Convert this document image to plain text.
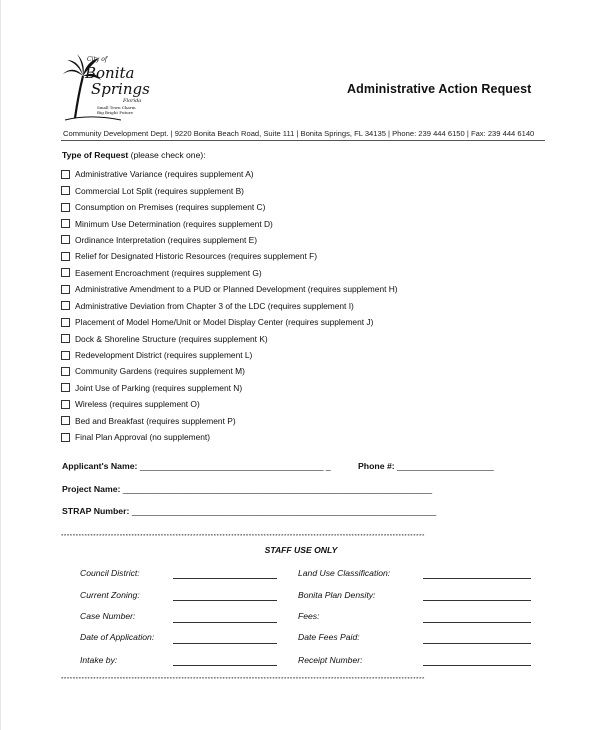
City of
Bonita
Springs
Florida
Small Town Charm
Big Bright Future
Administrative Action Request
Community Development Dept. | 9220 Bonita Beach Road, Suite 111 | Bonita Springs, FL 34135 | Phone: 239 444 6150 | Fax: 239 444 6140
Type of Request (please check one):
Administrative Variance (requires supplement A)
Commercial Lot Split (requires supplement B)
Consumption on Premises (requires supplement C)
Minimum Use Determination (requires supplement D)
Ordinance Interpretation (requires supplement E)
Relief for Designated Historic Resources (requires supplement F)
Easement Encroachment (requires supplement G)
Administrative Amendment to a PUD or Planned Development (requires supplement H)
Administrative Deviation from Chapter 3 of the LDC (requires supplement I)
Placement of Model Home/Unit or Model Display Center (requires supplement J)
Dock & Shoreline Structure (requires supplement K)
Redevelopment District (requires supplement L)
Community Gardens (requires supplement M)
Joint Use of Parking (requires supplement N)
Wireless (requires supplement O)
Bed and Breakfast (requires supplement P)
Final Plan Approval (no supplement)
Applicant's Name: ______________________________________ _	Phone #: ____________________
Project Name: ________________________________________________________________
STRAP Number: _______________________________________________________________
****************************************************************************************************************************
STAFF USE ONLY
Council District:
Current Zoning:
Case Number:
Date of Application:
Intake by:
Land Use Classification:
Bonita Plan Density:
Fees:
Date Fees Paid:
Receipt Number:
****************************************************************************************************************************
